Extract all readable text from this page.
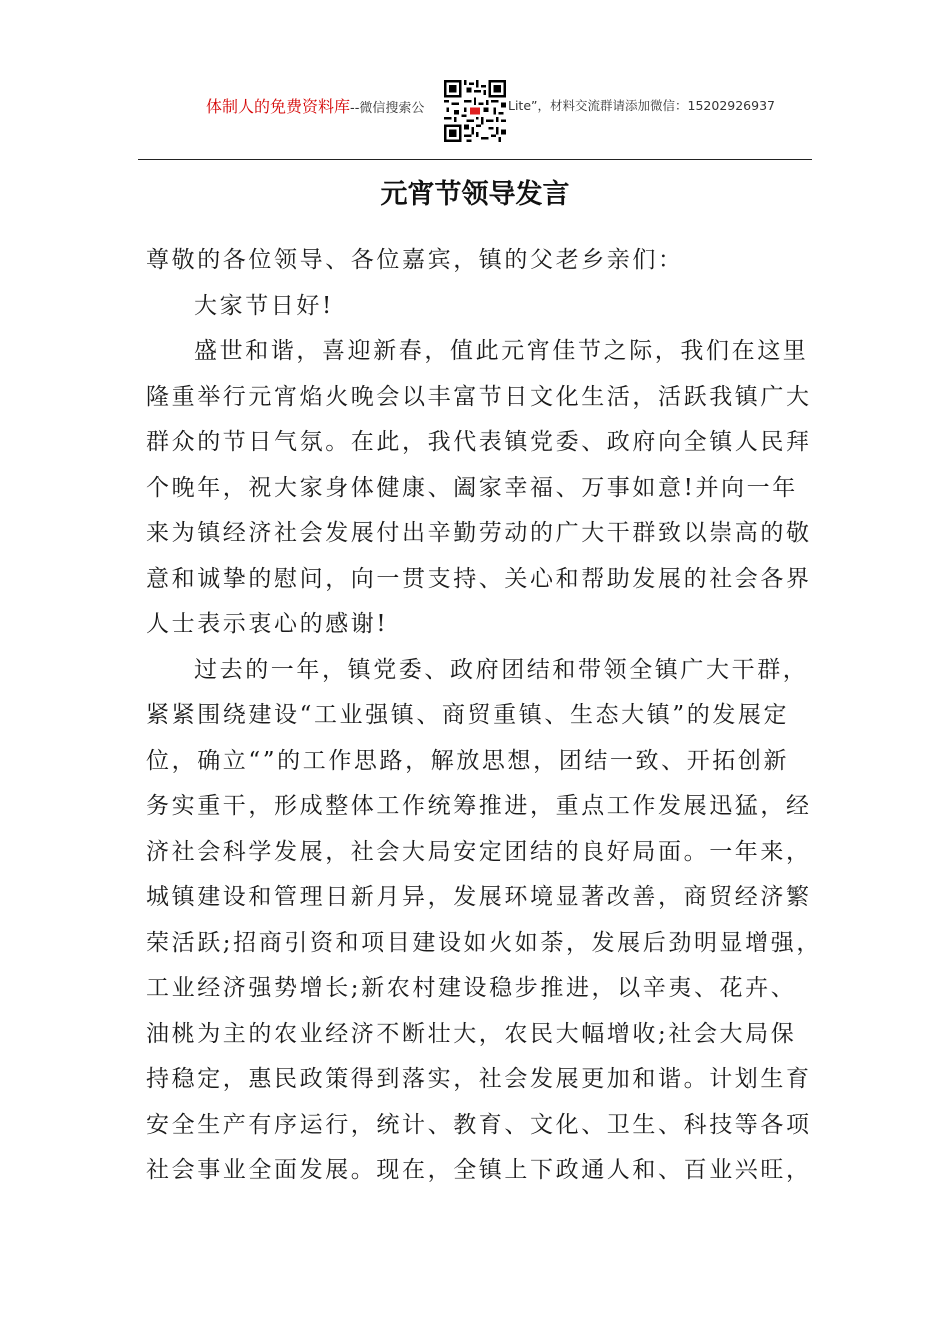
体制人的免费资料库--微信搜索公	Lite”，材料交流群请添加微信：15202926937
元宵节领导发言
尊敬的各位领导、各位嘉宾，镇的父老乡亲们：
大家节日好!
盛世和谐，喜迎新春，值此元宵佳节之际，我们在这里
隆重举行元宵焰火晚会以丰富节日文化生活，活跃我镇广大
群众的节日气氛。在此，我代表镇党委、政府向全镇人民拜
个晚年，祝大家身体健康、阖家幸福、万事如意!并向一年
来为镇经济社会发展付出辛勤劳动的广大干群致以崇高的敬
意和诚挚的慰问，向一贯支持、关心和帮助发展的社会各界
人士表示衷心的感谢!
过去的一年，镇党委、政府团结和带领全镇广大干群，
紧紧围绕建设“工业强镇、商贸重镇、生态大镇”的发展定
位，确立“”的工作思路，解放思想，团结一致、开拓创新
务实重干，形成整体工作统筹推进，重点工作发展迅猛，经
济社会科学发展，社会大局安定团结的良好局面。一年来，
城镇建设和管理日新月异，发展环境显著改善，商贸经济繁
荣活跃;招商引资和项目建设如火如荼，发展后劲明显增强，
工业经济强势增长;新农村建设稳步推进，以辛夷、花卉、
油桃为主的农业经济不断壮大，农民大幅增收;社会大局保
持稳定，惠民政策得到落实，社会发展更加和谐。计划生育
安全生产有序运行，统计、教育、文化、卫生、科技等各项
社会事业全面发展。现在，全镇上下政通人和、百业兴旺，
